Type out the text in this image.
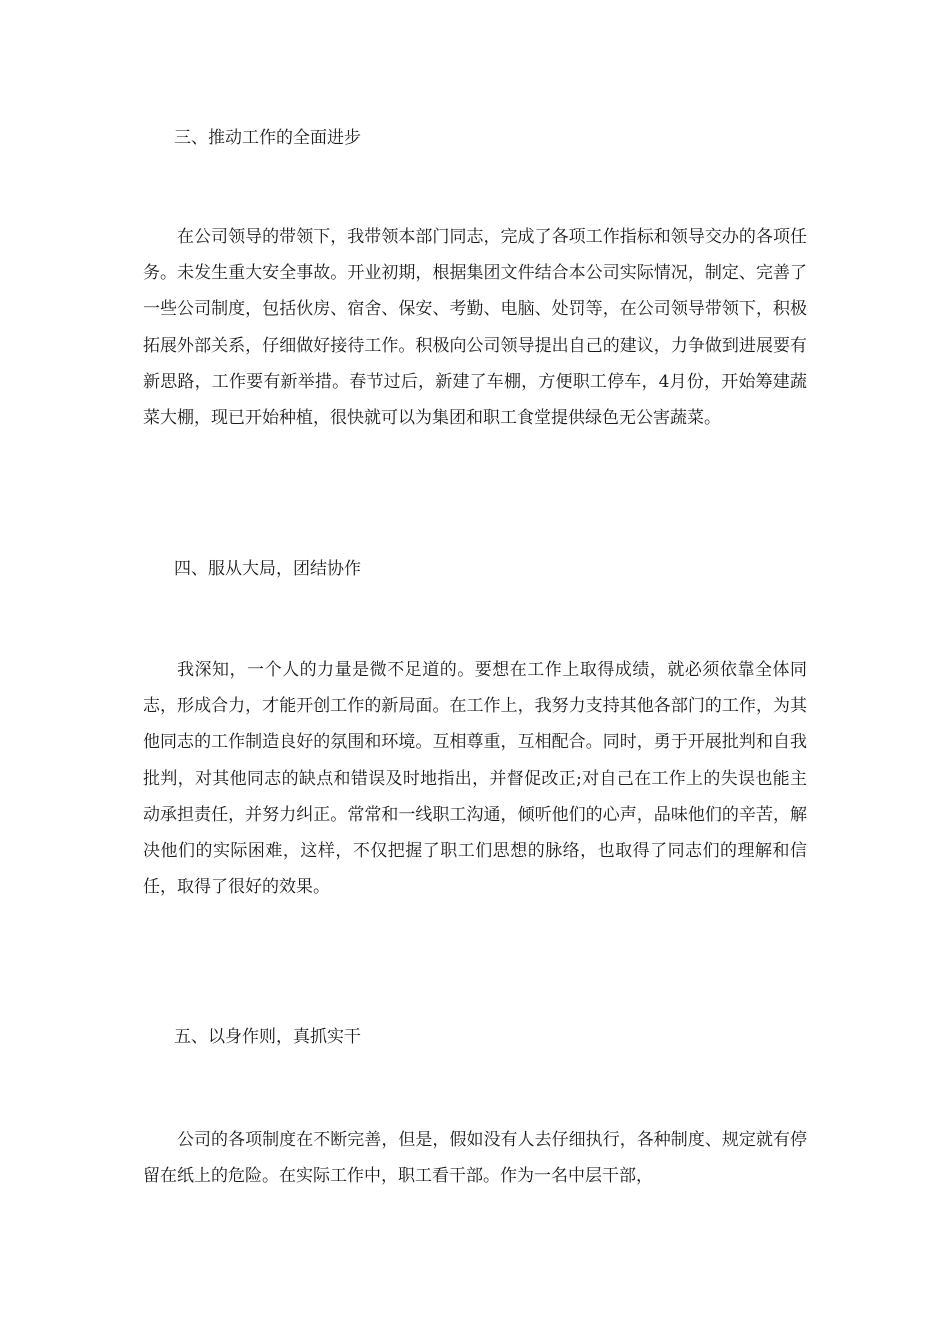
三、推动工作的全面进步
在公司领导的带领下，我带领本部门同志，完成了各项工作指标和领导交办的各项任务。未发生重大安全事故。开业初期，根据集团文件结合本公司实际情况，制定、完善了一些公司制度，包括伙房、宿舍、保安、考勤、电脑、处罚等，在公司领导带领下，积极拓展外部关系，仔细做好接待工作。积极向公司领导提出自己的建议，力争做到进展要有新思路，工作要有新举措。春节过后，新建了车棚，方便职工停车，4月份，开始筹建蔬菜大棚，现已开始种植，很快就可以为集团和职工食堂提供绿色无公害蔬菜。
四、服从大局，团结协作
我深知，一个人的力量是微不足道的。要想在工作上取得成绩，就必须依靠全体同志，形成合力，才能开创工作的新局面。在工作上，我努力支持其他各部门的工作，为其他同志的工作制造良好的氛围和环境。互相尊重，互相配合。同时，勇于开展批判和自我批判，对其他同志的缺点和错误及时地指出，并督促改正;对自己在工作上的失误也能主动承担责任，并努力纠正。常常和一线职工沟通，倾听他们的心声，品味他们的辛苦，解决他们的实际困难，这样，不仅把握了职工们思想的脉络，也取得了同志们的理解和信任，取得了很好的效果。
五、以身作则，真抓实干
公司的各项制度在不断完善，但是，假如没有人去仔细执行，各种制度、规定就有停留在纸上的危险。在实际工作中，职工看干部。作为一名中层干部，
